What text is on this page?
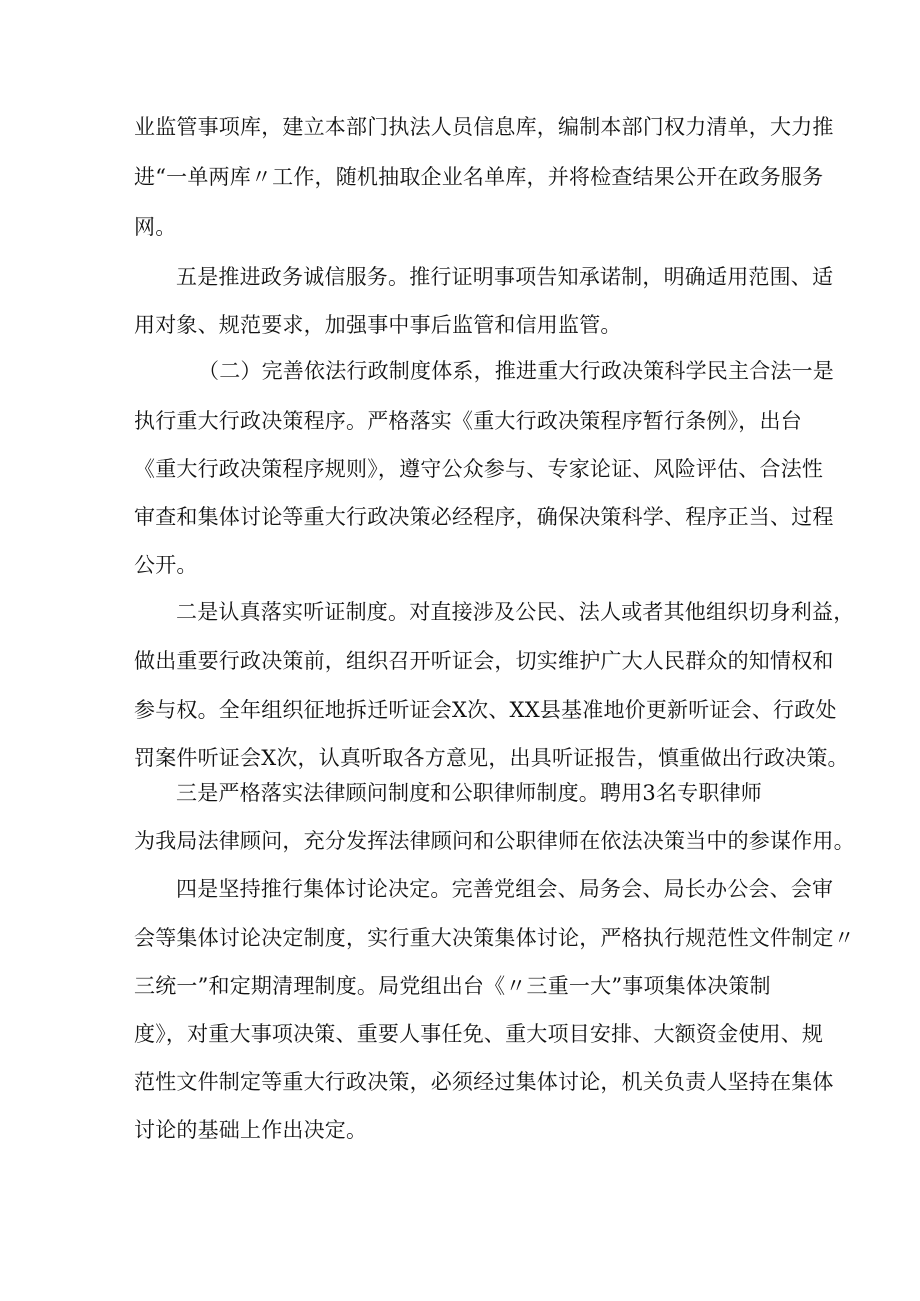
业监管事项库，建立本部门执法人员信息库，编制本部门权力清单，大力推
进“一单两库〃工作，随机抽取企业名单库，并将检查结果公开在政务服务
网。
五是推进政务诚信服务。推行证明事项告知承诺制，明确适用范围、适
用对象、规范要求，加强事中事后监管和信用监管。
（二）完善依法行政制度体系，推进重大行政决策科学民主合法一是
执行重大行政决策程序。严格落实《重大行政决策程序暂行条例》，出台
《重大行政决策程序规则》，遵守公众参与、专家论证、风险评估、合法性
审查和集体讨论等重大行政决策必经程序，确保决策科学、程序正当、过程
公开。
二是认真落实听证制度。对直接涉及公民、法人或者其他组织切身利益，
做出重要行政决策前，组织召开听证会，切实维护广大人民群众的知情权和
参与权。全年组织征地拆迁听证会X次、XX县基准地价更新听证会、行政处
罚案件听证会X次，认真听取各方意见，出具听证报告，慎重做出行政决策。
三是严格落实法律顾问制度和公职律师制度。聘用3名专职律师
为我局法律顾问，充分发挥法律顾问和公职律师在依法决策当中的参谋作用。
四是坚持推行集体讨论决定。完善党组会、局务会、局长办公会、会审
会等集体讨论决定制度，实行重大决策集体讨论，严格执行规范性文件制定〃
三统一”和定期清理制度。局党组出台《〃三重一大”事项集体决策制
度》，对重大事项决策、重要人事任免、重大项目安排、大额资金使用、规
范性文件制定等重大行政决策，必须经过集体讨论，机关负责人坚持在集体
讨论的基础上作出决定。
